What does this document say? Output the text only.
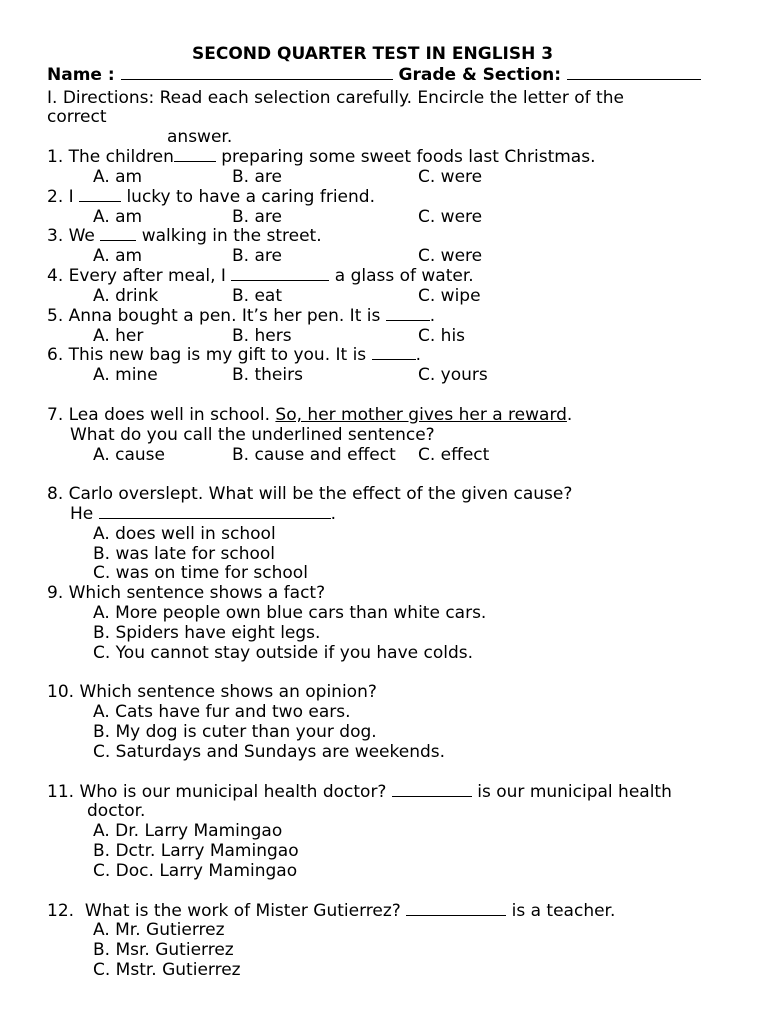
SECOND QUARTER TEST IN ENGLISH 3
Name :	Grade & Section:
I. Directions: Read each selection carefully. Encircle the letter of the
correct
answer.
1. The children preparing some sweet foods last Christmas.
A. am	B. are	C. were
2. I  lucky to have a caring friend.
A. am	B. are	C. were
3. We  walking in the street.
A. am	B. are	C. were
4. Every after meal, I	a glass of water.
A. drink	B. eat	C. wipe
5. Anna bought a pen. It’s her pen. It is	.
A. her	B. hers	C. his
6. This new bag is my gift to you. It is	.
A. mine	B. theirs	C. yours
7. Lea does well in school. So, her mother gives her a reward.
What do you call the underlined sentence?
A. cause	B. cause and effect C. effect
8. Carlo overslept. What will be the effect of the given cause?
He	.
A. does well in school
B. was late for school
C. was on time for school
9. Which sentence shows a fact?
A. More people own blue cars than white cars.
B. Spiders have eight legs.
C. You cannot stay outside if you have colds.
10. Which sentence shows an opinion?
A. Cats have fur and two ears.
B. My dog is cuter than your dog.
C. Saturdays and Sundays are weekends.
11. Who is our municipal health doctor?	is our municipal health
doctor.
A. Dr. Larry Mamingao
B. Dctr. Larry Mamingao
C. Doc. Larry Mamingao
12.  What is the work of Mister Gutierrez?	is a teacher.
A. Mr. Gutierrez
B. Msr. Gutierrez
C. Mstr. Gutierrez
